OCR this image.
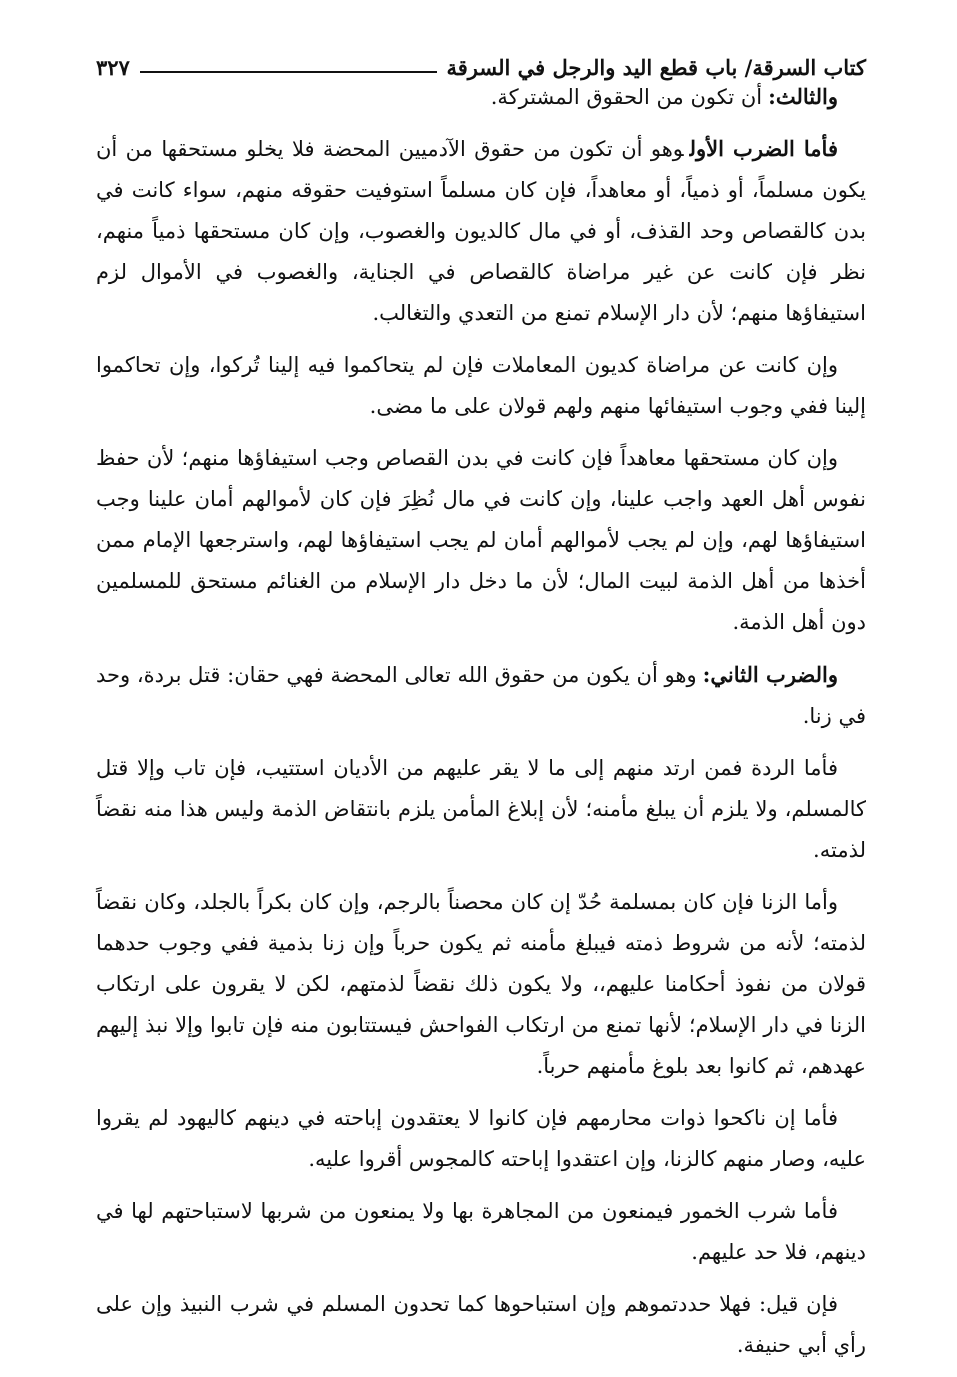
كتاب السرقة/ باب قطع اليد والرجل في السرقة
٣٢٧

والثالث:أن تكون من الحقوق المشتركة.

فأما الضرب الأولوهو أن تكون من حقوق الآدميين المحضة فلا يخلو مستحقها من أن يكون مسلماً، أو ذمياً، أو معاهداً، فإن كان مسلماً استوفيت حقوقه منهم، سواء كانت في بدن كالقصاص وحد القذف، أو في مال كالديون والغصوب، وإن كان مستحقها ذمياً منهم، نظر فإن كانت عن غير مراضاة كالقصاص في الجناية، والغصوب في الأموال لزم استيفاؤها منهم؛ لأن دار الإسلام تمنع من التعدي والتغالب.

وإن كانت عن مراضاة كديون المعاملات فإن لم يتحاكموا فيه إلينا تُركوا، وإن تحاكموا إلينا ففي وجوب استيفائها منهم ولهم قولان على ما مضى.

وإن كان مستحقها معاهداً فإن كانت في بدن القصاص وجب استيفاؤها منهم؛ لأن حفظ نفوس أهل العهد واجب علينا، وإن كانت في مال نُظِرَ فإن كان لأموالهم أمان علينا وجب استيفاؤها لهم، وإن لم يجب لأموالهم أمان لم يجب استيفاؤها لهم، واسترجعها الإمام ممن أخذها من أهل الذمة لبيت المال؛ لأن ما دخل دار الإسلام من الغنائم مستحق للمسلمين دون أهل الذمة.

والضرب الثاني:وهو أن يكون من حقوق الله تعالى المحضة فهي حقان: قتل بردة، وحد في زنا.

فأما الردة فمن ارتد منهم إلى ما لا يقر عليهم من الأديان استتيب، فإن تاب وإلا قتل كالمسلم، ولا يلزم أن يبلغ مأمنه؛ لأن إبلاغ المأمن يلزم بانتقاض الذمة وليس هذا منه نقضاً لذمته.

وأما الزنا فإن كان بمسلمة حُدّ إن كان محصناً بالرجم، وإن كان بكراً بالجلد، وكان نقضاً لذمته؛ لأنه من شروط ذمته فيبلغ مأمنه ثم يكون حرباً وإن زنا بذمية ففي وجوب حدهما قولان من نفوذ أحكامنا عليهم،، ولا يكون ذلك نقضاً لذمتهم، لكن لا يقرون على ارتكاب الزنا في دار الإسلام؛ لأنها تمنع من ارتكاب الفواحش فيستتابون منه فإن تابوا وإلا نبذ إليهم عهدهم، ثم كانوا بعد بلوغ مأمنهم حرباً.

فأما إن ناكحوا ذوات محارمهم فإن كانوا لا يعتقدون إباحته في دينهم كاليهود لم يقروا عليه، وصار منهم كالزنا، وإن اعتقدوا إباحته كالمجوس أقروا عليه.

فأما شرب الخمور فيمنعون من المجاهرة بها ولا يمنعون من شربها لاستباحتهم لها في دينهم، فلا حد عليهم.

فإن قيل: فهلا حددتموهم وإن استباحوها كما تحدون المسلم في شرب النبيذ وإن على رأي أبي حنيفة.
